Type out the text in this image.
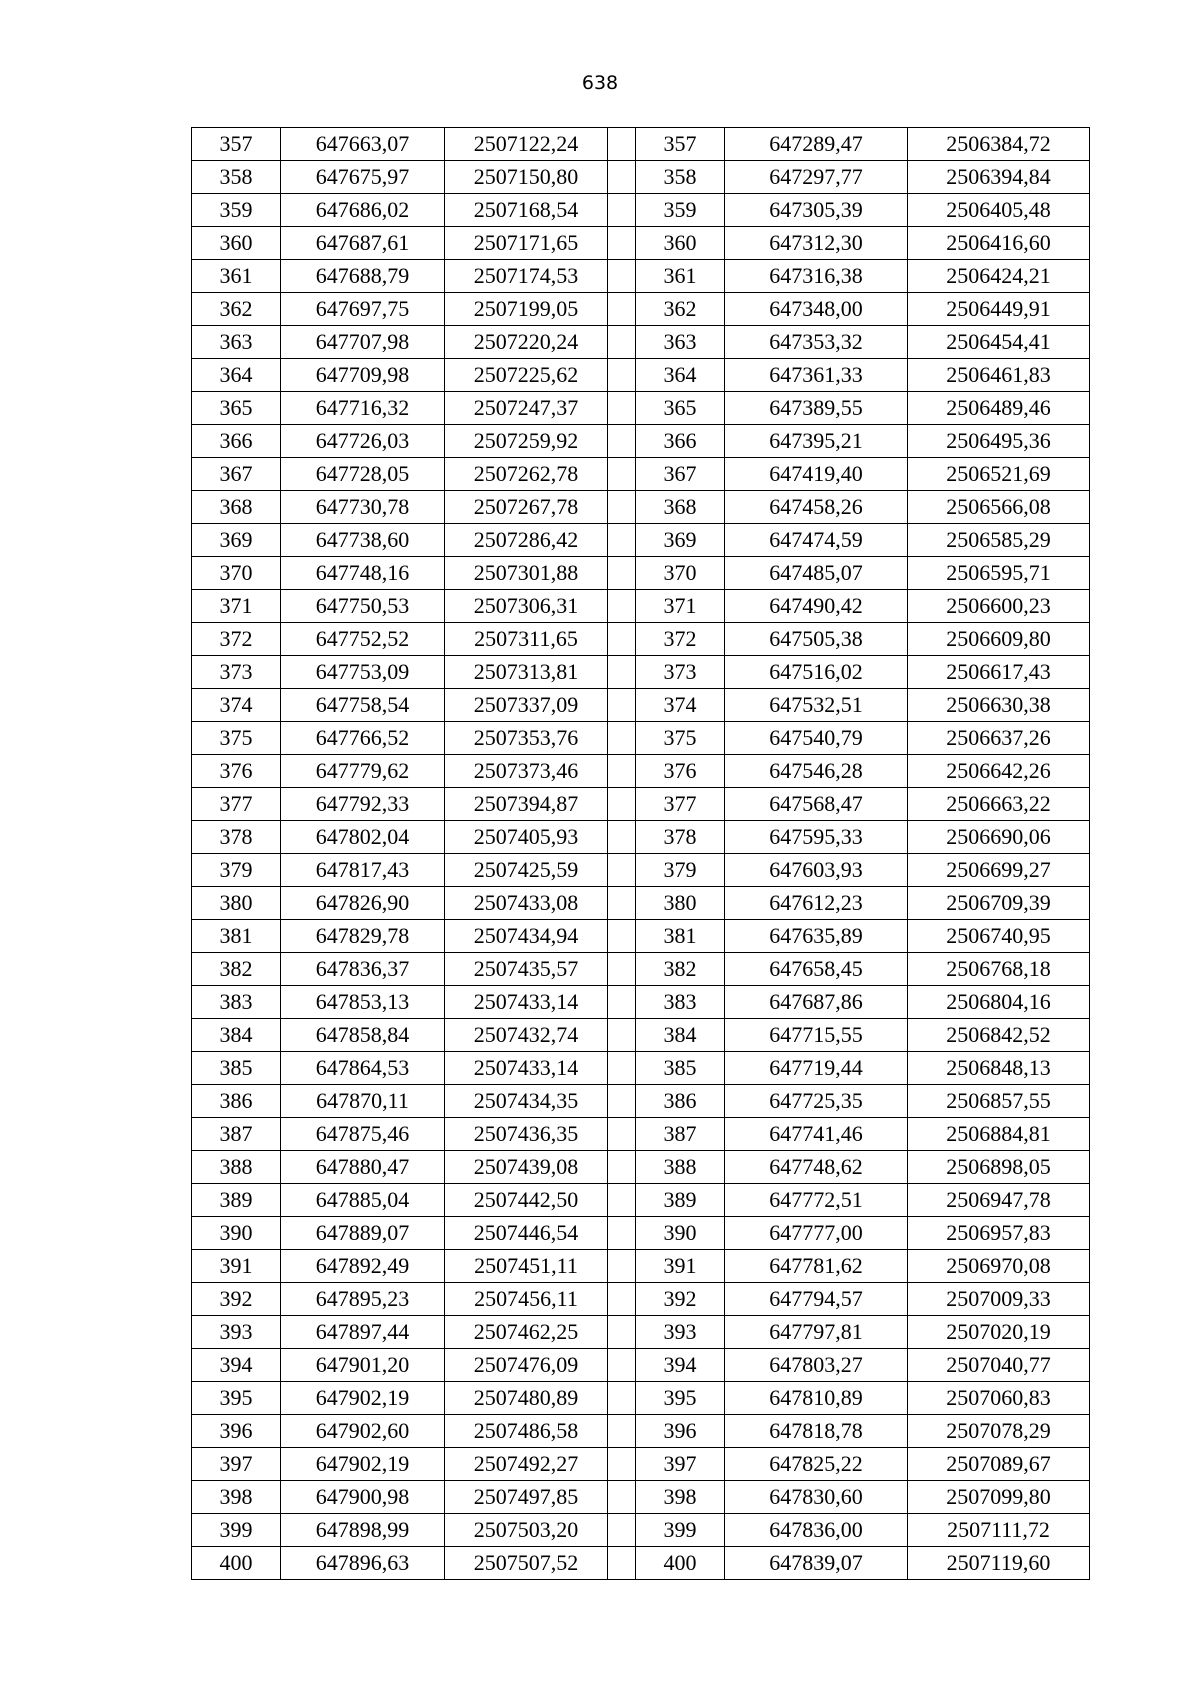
638
357	647663,07	2507122,24		357	647289,47	2506384,72
358	647675,97	2507150,80		358	647297,77	2506394,84
359	647686,02	2507168,54		359	647305,39	2506405,48
360	647687,61	2507171,65		360	647312,30	2506416,60
361	647688,79	2507174,53		361	647316,38	2506424,21
362	647697,75	2507199,05		362	647348,00	2506449,91
363	647707,98	2507220,24		363	647353,32	2506454,41
364	647709,98	2507225,62		364	647361,33	2506461,83
365	647716,32	2507247,37		365	647389,55	2506489,46
366	647726,03	2507259,92		366	647395,21	2506495,36
367	647728,05	2507262,78		367	647419,40	2506521,69
368	647730,78	2507267,78		368	647458,26	2506566,08
369	647738,60	2507286,42		369	647474,59	2506585,29
370	647748,16	2507301,88		370	647485,07	2506595,71
371	647750,53	2507306,31		371	647490,42	2506600,23
372	647752,52	2507311,65		372	647505,38	2506609,80
373	647753,09	2507313,81		373	647516,02	2506617,43
374	647758,54	2507337,09		374	647532,51	2506630,38
375	647766,52	2507353,76		375	647540,79	2506637,26
376	647779,62	2507373,46		376	647546,28	2506642,26
377	647792,33	2507394,87		377	647568,47	2506663,22
378	647802,04	2507405,93		378	647595,33	2506690,06
379	647817,43	2507425,59		379	647603,93	2506699,27
380	647826,90	2507433,08		380	647612,23	2506709,39
381	647829,78	2507434,94		381	647635,89	2506740,95
382	647836,37	2507435,57		382	647658,45	2506768,18
383	647853,13	2507433,14		383	647687,86	2506804,16
384	647858,84	2507432,74		384	647715,55	2506842,52
385	647864,53	2507433,14		385	647719,44	2506848,13
386	647870,11	2507434,35		386	647725,35	2506857,55
387	647875,46	2507436,35		387	647741,46	2506884,81
388	647880,47	2507439,08		388	647748,62	2506898,05
389	647885,04	2507442,50		389	647772,51	2506947,78
390	647889,07	2507446,54		390	647777,00	2506957,83
391	647892,49	2507451,11		391	647781,62	2506970,08
392	647895,23	2507456,11		392	647794,57	2507009,33
393	647897,44	2507462,25		393	647797,81	2507020,19
394	647901,20	2507476,09		394	647803,27	2507040,77
395	647902,19	2507480,89		395	647810,89	2507060,83
396	647902,60	2507486,58		396	647818,78	2507078,29
397	647902,19	2507492,27		397	647825,22	2507089,67
398	647900,98	2507497,85		398	647830,60	2507099,80
399	647898,99	2507503,20		399	647836,00	2507111,72
400	647896,63	2507507,52		400	647839,07	2507119,60
